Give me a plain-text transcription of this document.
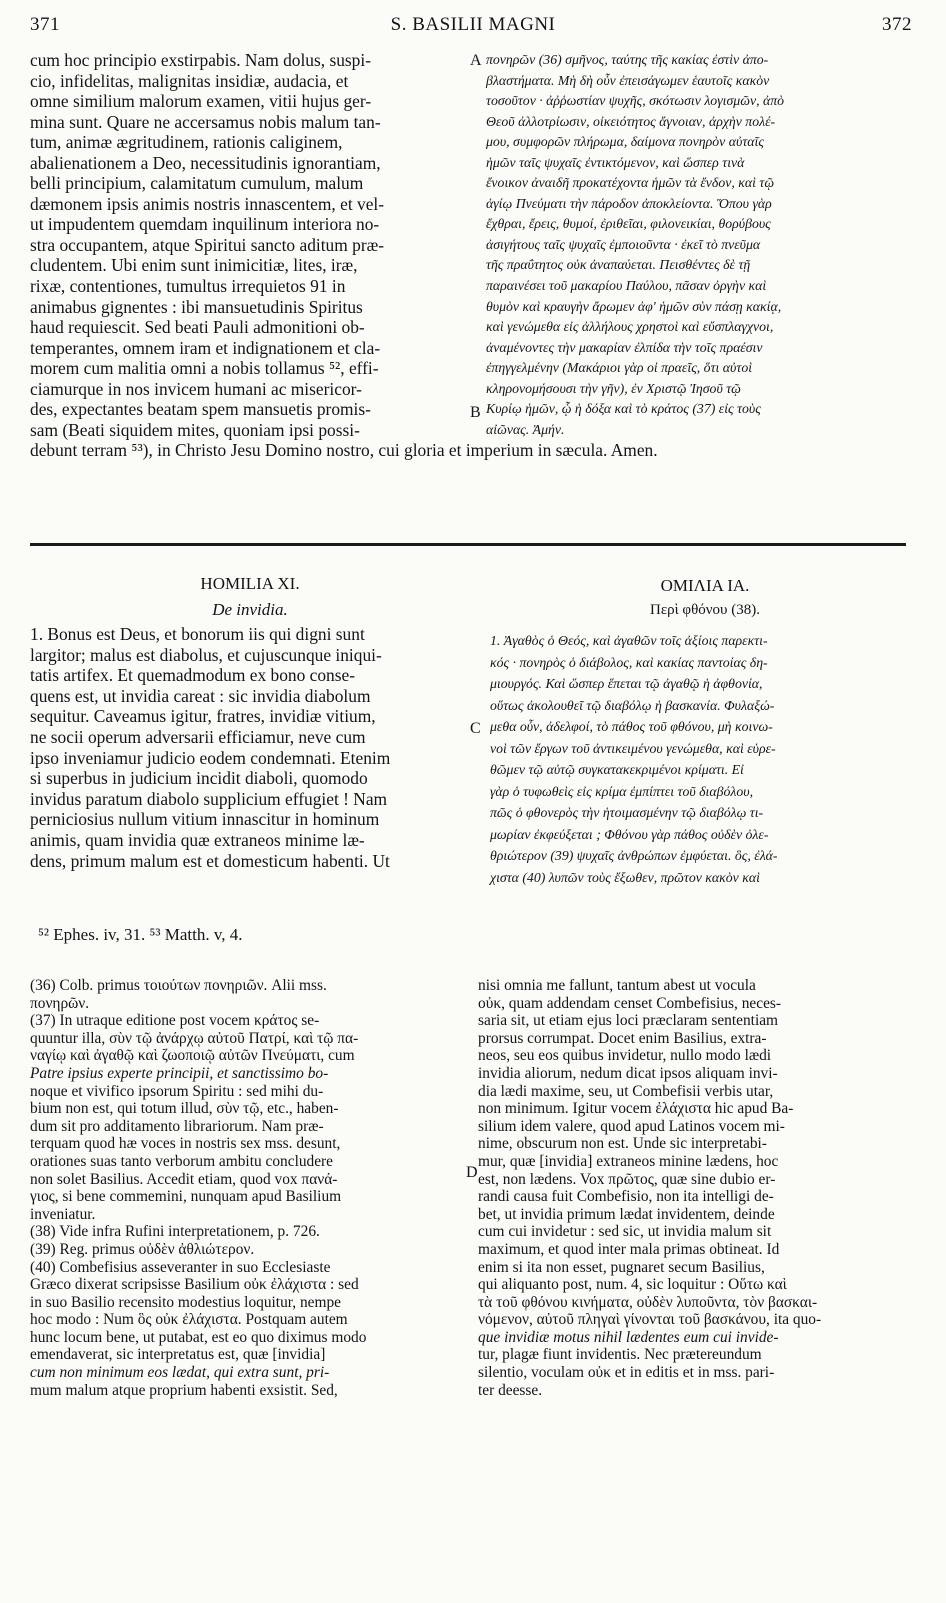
371	S. BASILII MAGNI	372
A
B
C
D
cum hoc principio exstirpabis. Nam dolus, suspi-
cio, infidelitas, malignitas insidiæ, audacia, et
omne similium malorum examen, vitii hujus ger-
mina sunt. Quare ne accersamus nobis malum tan-
tum, animæ ægritudinem, rationis caliginem,
abalienationem a Deo, necessitudinis ignorantiam,
belli principium, calamitatum cumulum, malum
dæmonem ipsis animis nostris innascentem, et vel-
ut impudentem quemdam inquilinum interiora no-
stra occupantem, atque Spiritui sancto aditum præ-
cludentem. Ubi enim sunt inimicitiæ, lites, iræ,
rixæ, contentiones, tumultus irrequietos 91 in
animabus gignentes : ibi mansuetudinis Spiritus
haud requiescit. Sed beati Pauli admonitioni ob-
temperantes, omnem iram et indignationem et cla-
morem cum malitia omni a nobis tollamus ⁵², effi-
ciamurque in nos invicem humani ac misericor-
des, expectantes beatam spem mansuetis promis-
sam (Beati siquidem mites, quoniam ipsi possi-
debunt terram ⁵³), in Christo Jesu Domino nostro, cui gloria et imperium in sæcula. Amen.
πονηρῶν (36) σμῆνος, ταύτης τῆς κακίας ἐστὶν ἀπο-
βλαστήματα. Μὴ δὴ οὖν ἐπεισάγωμεν ἑαυτοῖς κακὸν
τοσοῦτον · ἀῤῥωστίαν ψυχῆς, σκότωσιν λογισμῶν, ἀπὸ
Θεοῦ ἀλλοτρίωσιν, οἰκειότητος ἄγνοιαν, ἀρχὴν πολέ-
μου, συμφορῶν πλήρωμα, δαίμονα πονηρὸν αὐταῖς
ἡμῶν ταῖς ψυχαῖς ἐντικτόμενον, καὶ ὥσπερ τινὰ
ἔνοικον ἀναιδῆ προκατέχοντα ἡμῶν τὰ ἔνδον, καὶ τῷ
ἁγίῳ Πνεύματι τὴν πάροδον ἀποκλείοντα. Ὅπου γὰρ
ἔχθραι, ἔρεις, θυμοί, ἐριθεῖαι, φιλονεικίαι, θορύβους
ἀσιγήτους ταῖς ψυχαῖς ἐμποιοῦντα · ἐκεῖ τὸ πνεῦμα
τῆς πραΰτητος οὐκ ἀναπαύεται. Πεισθέντες δὲ τῇ
παραινέσει τοῦ μακαρίου Παύλου, πᾶσαν ὀργὴν καὶ
θυμὸν καὶ κραυγὴν ἄρωμεν ἀφ' ἡμῶν σὺν πάσῃ κακίᾳ,
καὶ γενώμεθα εἰς ἀλλήλους χρηστοὶ καὶ εὔσπλαγχνοι,
ἀναμένοντες τὴν μακαρίαν ἐλπίδα τὴν τοῖς πραέσιν
ἐπηγγελμένην (Μακάριοι γὰρ οἱ πραεῖς, ὅτι αὐτοὶ
κληρονομήσουσι τὴν γῆν), ἐν Χριστῷ Ἰησοῦ τῷ
Κυρίῳ ἡμῶν, ᾧ ἡ δόξα καὶ τὸ κράτος (37) εἰς τοὺς
αἰῶνας. Ἀμήν.
HOMILIA XI.
De invidia.
ΟΜΙΛΙΑ ΙΑ.
Περὶ φθόνου (38).
1. Bonus est Deus, et bonorum iis qui digni sunt
largitor; malus est diabolus, et cujuscunque iniqui-
tatis artifex. Et quemadmodum ex bono conse-
quens est, ut invidia careat : sic invidia diabolum
sequitur. Caveamus igitur, fratres, invidiæ vitium,
ne socii operum adversarii efficiamur, neve cum
ipso inveniamur judicio eodem condemnati. Etenim
si superbus in judicium incidit diaboli, quomodo
invidus paratum diabolo supplicium effugiet ! Nam
perniciosius nullum vitium innascitur in hominum
animis, quam invidia quæ extraneos minime læ-
dens, primum malum est et domesticum habenti. Ut
1. Ἀγαθὸς ὁ Θεός, καὶ ἀγαθῶν τοῖς ἀξίοις παρεκτι-
κός · πονηρὸς ὁ διάβολος, καὶ κακίας παντοίας δη-
μιουργός. Καὶ ὥσπερ ἕπεται τῷ ἀγαθῷ ἡ ἀφθονία,
οὕτως ἀκολουθεῖ τῷ διαβόλῳ ἡ βασκανία. Φυλαξώ-
μεθα οὖν, ἀδελφοί, τὸ πάθος τοῦ φθόνου, μὴ κοινω-
νοὶ τῶν ἔργων τοῦ ἀντικειμένου γενώμεθα, καὶ εὑρε-
θῶμεν τῷ αὐτῷ συγκατακεκριμένοι κρίματι. Εἰ
γὰρ ὁ τυφωθεὶς εἰς κρίμα ἐμπίπτει τοῦ διαβόλου,
πῶς ὁ φθονερὸς τὴν ἡτοιμασμένην τῷ διαβόλῳ τι-
μωρίαν ἐκφεύξεται ; Φθόνου γὰρ πάθος οὐδὲν ὀλε-
θριώτερον (39) ψυχαῖς ἀνθρώπων ἐμφύεται. ὃς, ἐλά-
χιστα (40) λυπῶν τοὺς ἔξωθεν, πρῶτον κακὸν καὶ
⁵² Ephes. iv, 31. ⁵³ Matth. v, 4.
(36) Colb. primus τοιούτων πονηριῶν. Alii mss.
πονηρῶν.
(37) In utraque editione post vocem κράτος se-
quuntur illa, σὺν τῷ ἀνάρχῳ αὐτοῦ Πατρί, καὶ τῷ πα-
ναγίῳ καὶ ἀγαθῷ καὶ ζωοποιῷ αὐτῶν Πνεύματι, cum
Patre ipsius experte principii, et sanctissimo bo-
noque et vivifico ipsorum Spiritu : sed mihi du-
bium non est, qui totum illud, σὺν τῷ, etc., haben-
dum sit pro additamento librariorum. Nam præ-
terquam quod hæ voces in nostris sex mss. desunt,
orationes suas tanto verborum ambitu concludere
non solet Basilius. Accedit etiam, quod vox πανά-
γιος, si bene commemini, nunquam apud Basilium
inveniatur.
(38) Vide infra Rufini interpretationem, p. 726.
(39) Reg. primus οὐδὲν ἀθλιώτερον.
(40) Combefisius asseveranter in suo Ecclesiaste
Græco dixerat scripsisse Basilium οὐκ ἐλάχιστα : sed
in suo Basilio recensito modestius loquitur, nempe
hoc modo : Num ὃς οὐκ ἐλάχιστα. Postquam autem
hunc locum bene, ut putabat, est eo quo diximus modo
emendaverat, sic interpretatus est, quæ [invidia]
cum non minimum eos lædat, qui extra sunt, pri-
mum malum atque proprium habenti exsistit. Sed,
nisi omnia me fallunt, tantum abest ut vocula
οὐκ, quam addendam censet Combefisius, neces-
saria sit, ut etiam ejus loci præclaram sententiam
prorsus corrumpat. Docet enim Basilius, extra-
neos, seu eos quibus invidetur, nullo modo lædi
invidia aliorum, nedum dicat ipsos aliquam invi-
dia lædi maxime, seu, ut Combefisii verbis utar,
non minimum. Igitur vocem ἐλάχιστα hic apud Ba-
silium idem valere, quod apud Latinos vocem mi-
nime, obscurum non est. Unde sic interpretabi-
mur, quæ [invidia] extraneos minine lædens, hoc
est, non lædens. Vox πρῶτος, quæ sine dubio er-
randi causa fuit Combefisio, non ita intelligi de-
bet, ut invidia primum lædat invidentem, deinde
cum cui invidetur : sed sic, ut invidia malum sit
maximum, et quod inter mala primas obtineat. Id
enim si ita non esset, pugnaret secum Basilius,
qui aliquanto post, num. 4, sic loquitur : Οὕτω καὶ
τὰ τοῦ φθόνου κινήματα, οὐδὲν λυποῦντα, τὸν βασκαι-
νόμενον, αὐτοῦ πληγαὶ γίνονται τοῦ βασκάνου, ita quo-
que invidiæ motus nihil lædentes eum cui invide-
tur, plagæ fiunt invidentis. Nec prætereundum
silentio, voculam οὐκ et in editis et in mss. pari-
ter deesse.
